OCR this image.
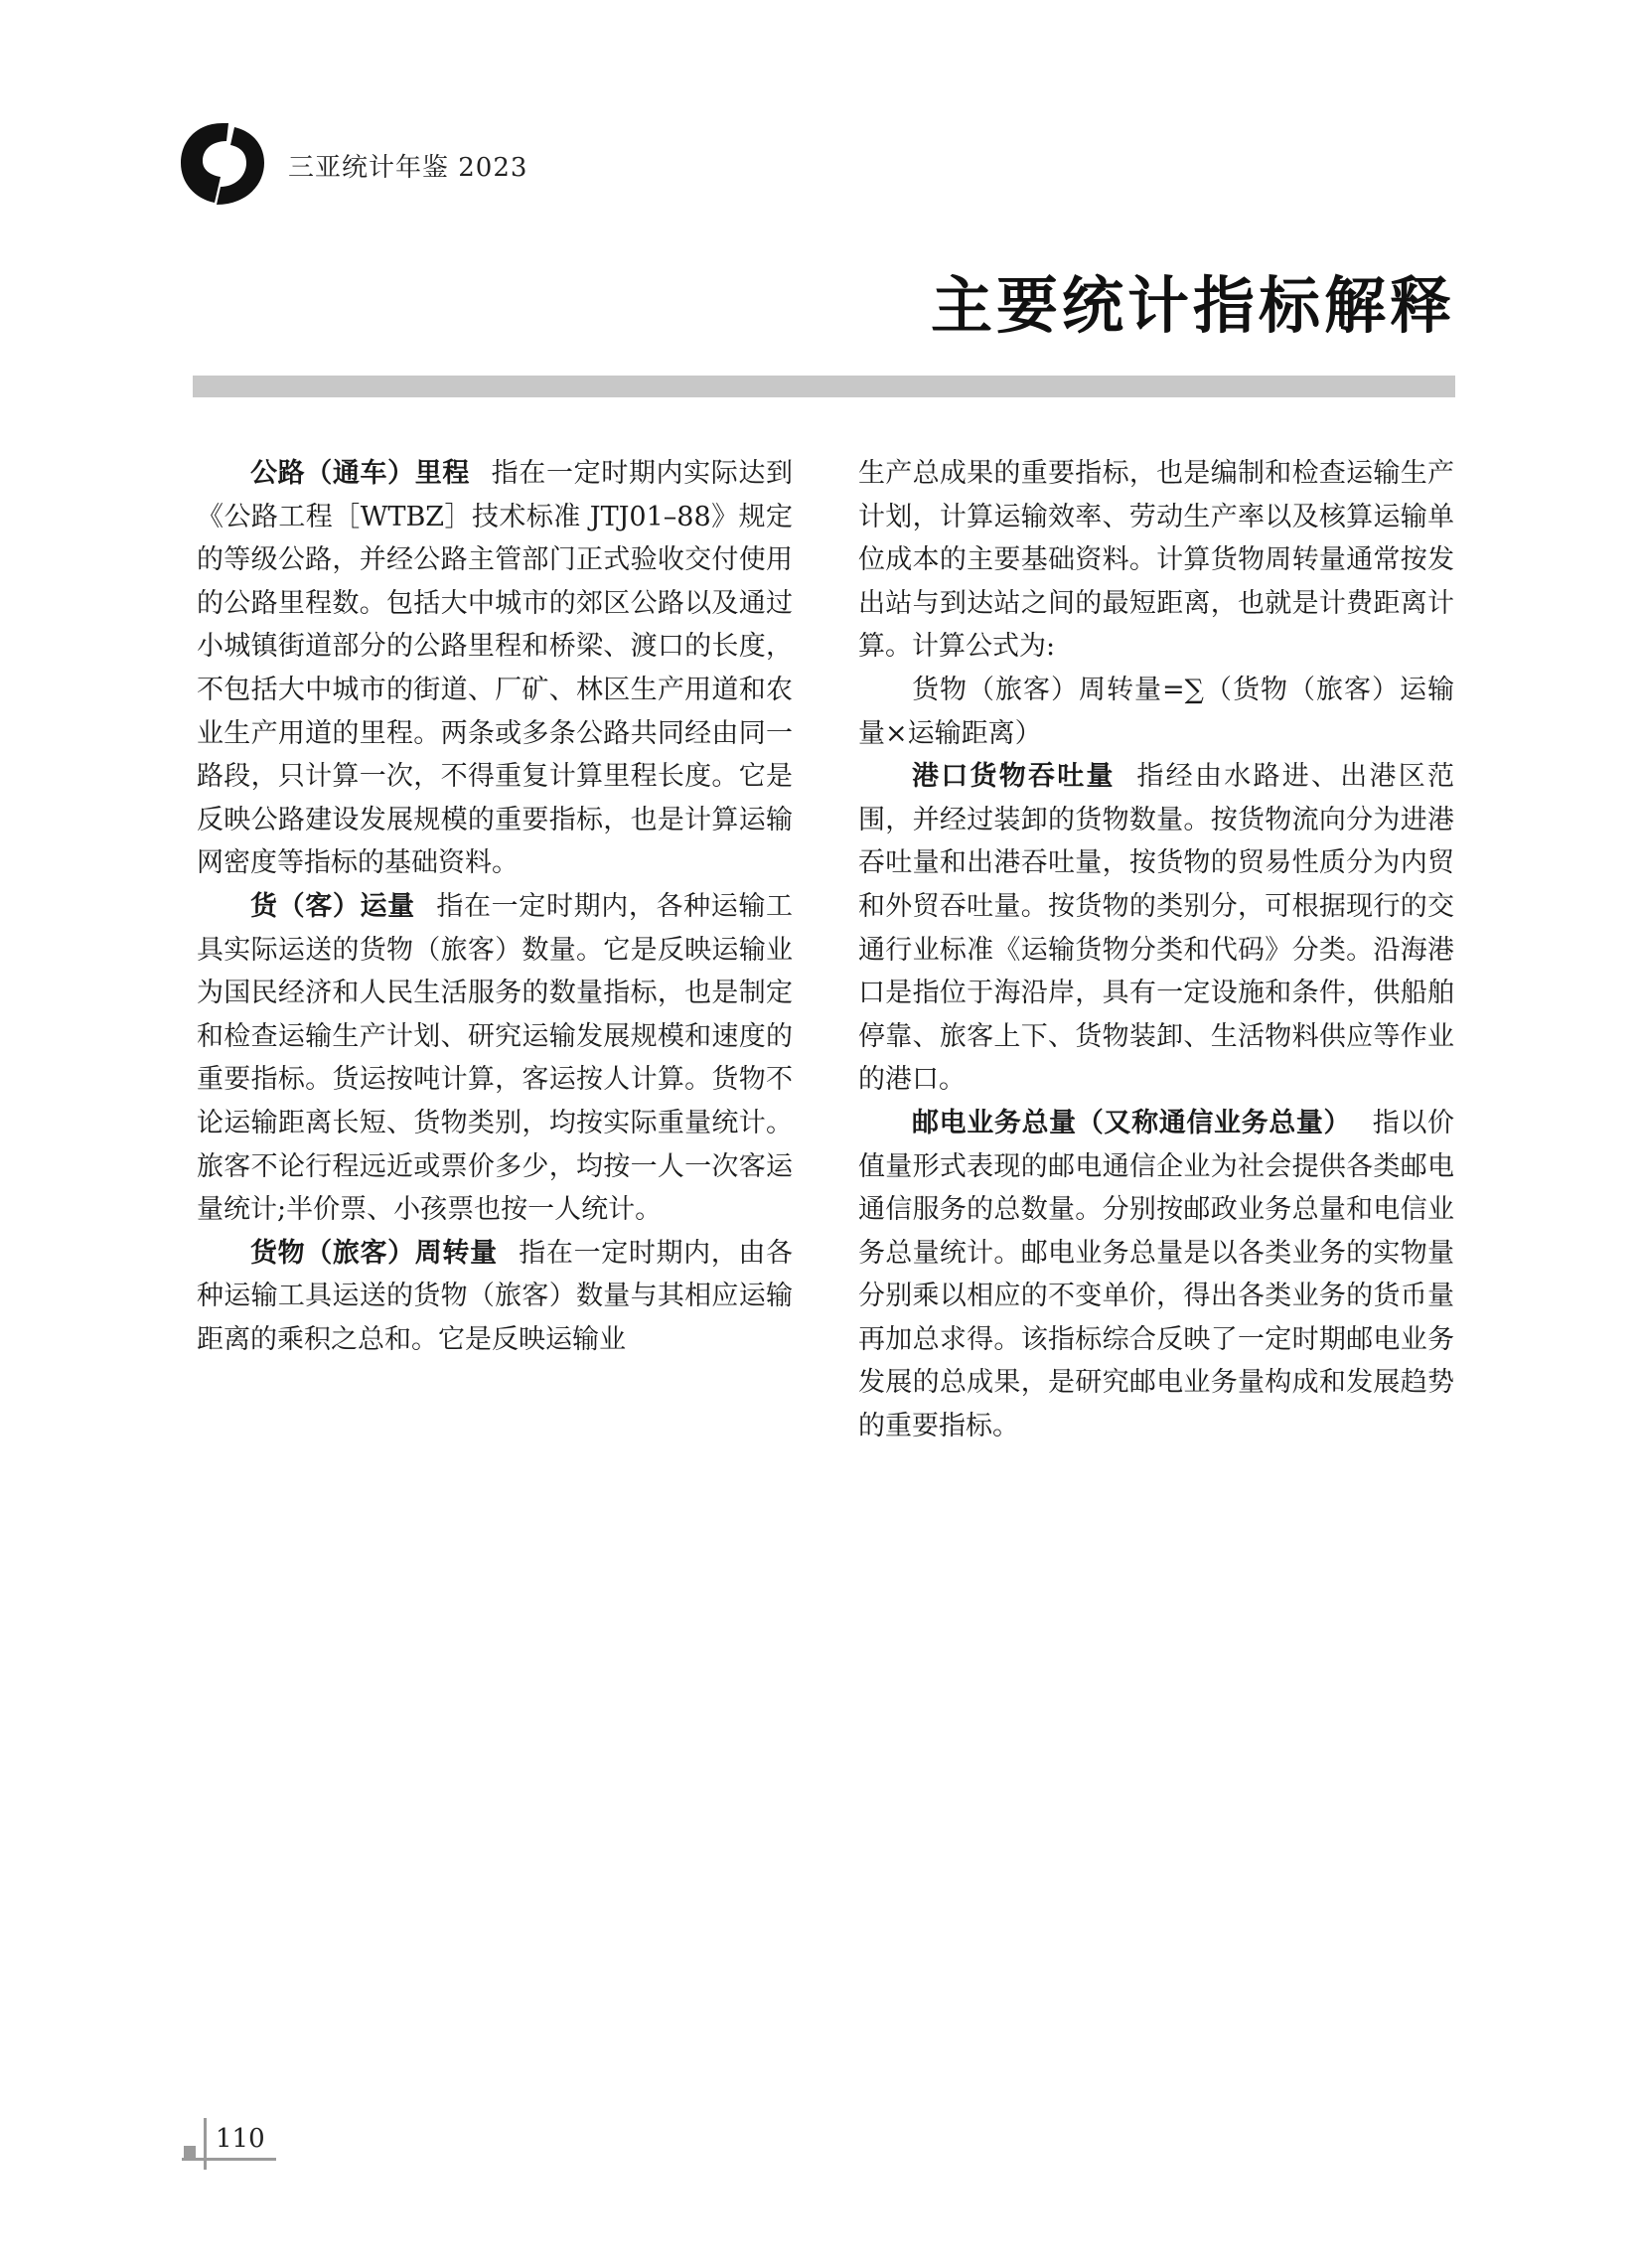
三亚统计年鉴 2023
主要统计指标解释

公路（通车）里程 指在一定时期内实际达到《公路工程［WTBZ］技术标准 JTJ01–88》规定的等级公路，并经公路主管部门正式验收交付使用的公路里程数。包括大中城市的郊区公路以及通过小城镇街道部分的公路里程和桥梁、渡口的长度，不包括大中城市的街道、厂矿、林区生产用道和农业生产用道的里程。两条或多条公路共同经由同一路段，只计算一次，不得重复计算里程长度。它是反映公路建设发展规模的重要指标，也是计算运输网密度等指标的基础资料。

货（客）运量 指在一定时期内，各种运输工具实际运送的货物（旅客）数量。它是反映运输业为国民经济和人民生活服务的数量指标，也是制定和检查运输生产计划、研究运输发展规模和速度的重要指标。货运按吨计算，客运按人计算。货物不论运输距离长短、货物类别，均按实际重量统计。旅客不论行程远近或票价多少，均按一人一次客运量统计;半价票、小孩票也按一人统计。

货物（旅客）周转量 指在一定时期内，由各种运输工具运送的货物（旅客）数量与其相应运输距离的乘积之总和。它是反映运输业

生产总成果的重要指标，也是编制和检查运输生产计划，计算运输效率、劳动生产率以及核算运输单位成本的主要基础资料。计算货物周转量通常按发出站与到达站之间的最短距离，也就是计费距离计算。计算公式为:

货物（旅客）周转量=∑（货物（旅客）运输量×运输距离）

港口货物吞吐量 指经由水路进、出港区范围，并经过装卸的货物数量。按货物流向分为进港吞吐量和出港吞吐量，按货物的贸易性质分为内贸和外贸吞吐量。按货物的类别分，可根据现行的交通行业标准《运输货物分类和代码》分类。沿海港口是指位于海沿岸，具有一定设施和条件，供船舶停靠、旅客上下、货物装卸、生活物料供应等作业的港口。

邮电业务总量（又称通信业务总量） 指以价值量形式表现的邮电通信企业为社会提供各类邮电通信服务的总数量。分别按邮政业务总量和电信业务总量统计。邮电业务总量是以各类业务的实物量分别乘以相应的不变单价，得出各类业务的货币量再加总求得。该指标综合反映了一定时期邮电业务发展的总成果，是研究邮电业务量构成和发展趋势的重要指标。

110
